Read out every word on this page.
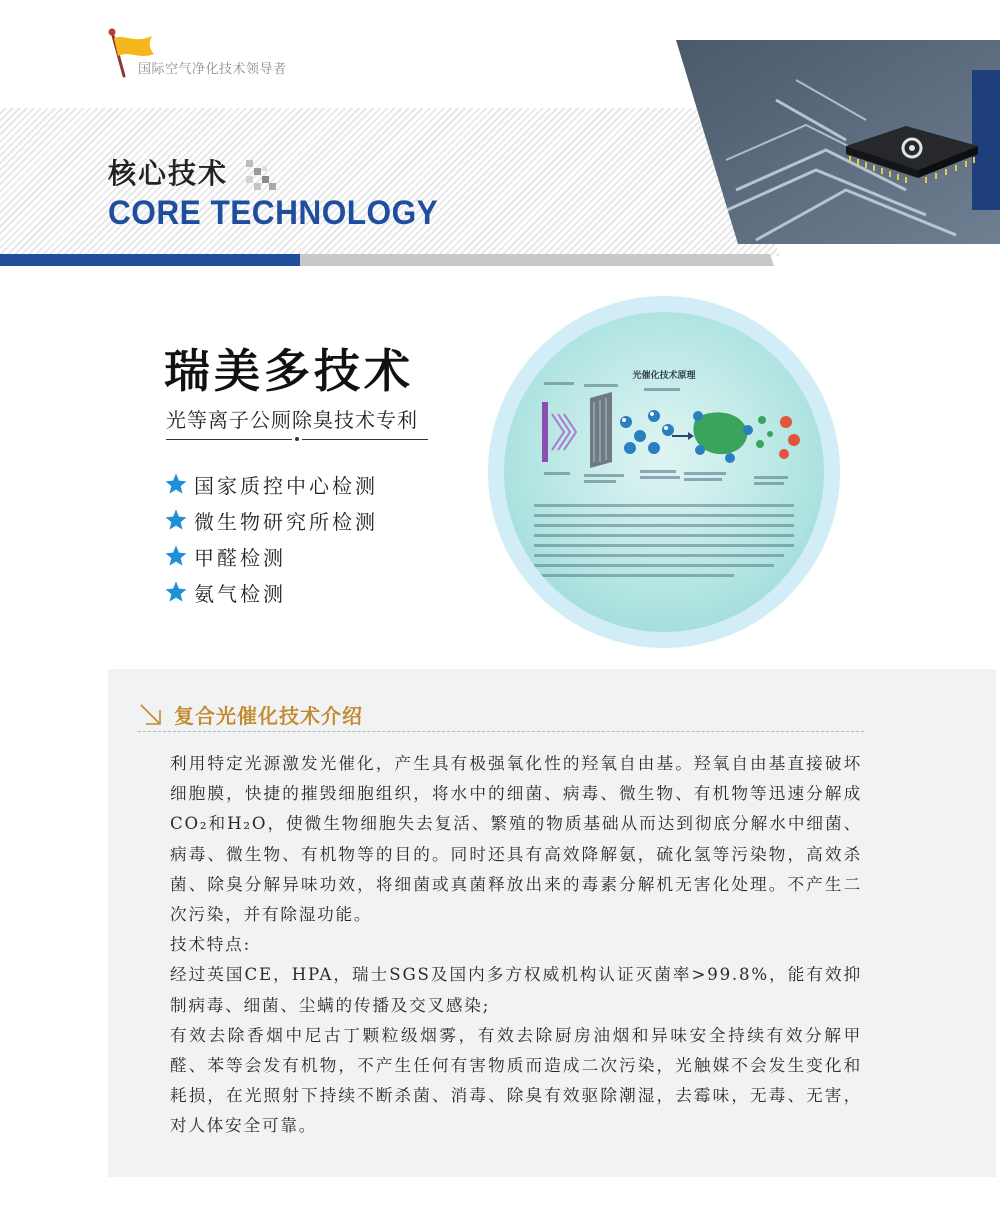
国际空气净化技术领导者
核心技术
CORE TECHNOLOGY
瑞美多技术
光等离子公厕除臭技术专利
国家质控中心检测
微生物研究所检测
甲醛检测
氨气检测
光催化技术原理
复合光催化技术介绍

利用特定光源激发光催化，产生具有极强氧化性的羟氧自由基。羟氧自由基直接破坏细胞膜，快捷的摧毁细胞组织，将水中的细菌、病毒、微生物、有机物等迅速分解成CO₂和H₂O，使微生物细胞失去复活、繁殖的物质基础从而达到彻底分解水中细菌、病毒、微生物、有机物等的目的。同时还具有高效降解氨，硫化氢等污染物，高效杀菌、除臭分解异味功效，将细菌或真菌释放出来的毒素分解机无害化处理。不产生二次污染，并有除湿功能。

技术特点:

经过英国CE，HPA，瑞士SGS及国内多方权威机构认证灭菌率>99.8%，能有效抑制病毒、细菌、尘螨的传播及交叉感染;

有效去除香烟中尼古丁颗粒级烟雾，有效去除厨房油烟和异味安全持续有效分解甲醛、苯等会发有机物，不产生任何有害物质而造成二次污染，光触媒不会发生变化和耗损，在光照射下持续不断杀菌、消毒、除臭有效驱除潮湿，去霉味，无毒、无害，对人体安全可靠。
